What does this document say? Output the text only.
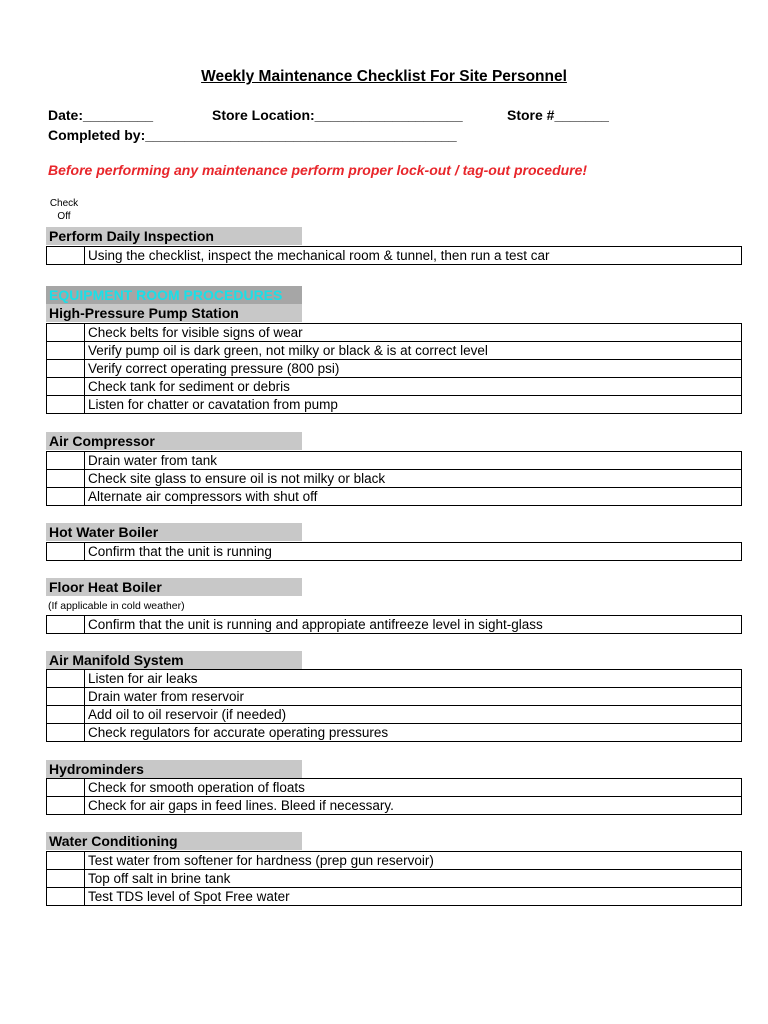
Weekly Maintenance Checklist For Site Personnel
Date:_________	Store Location:___________________	Store #_______
Completed by:________________________________________
Before performing any maintenance perform proper lock-out / tag-out procedure!
Check
Off
Perform Daily Inspection
	Using the checklist, inspect the mechanical room & tunnel, then run a test car
EQUIPMENT ROOM PROCEDURES
High-Pressure Pump Station
	Check belts for visible signs of wear
	Verify pump oil is dark green, not milky or black & is at correct level
	Verify correct operating pressure (800 psi)
	Check tank for sediment or debris
	Listen for chatter or cavatation from pump
Air Compressor
	Drain water from tank
	Check site glass to ensure oil is not milky or black
	Alternate air compressors with shut off
Hot Water Boiler
	Confirm that the unit is running
Floor Heat Boiler
(If applicable in cold weather)
	Confirm that the unit is running and appropiate antifreeze level in sight-glass
Air Manifold System
	Listen for air leaks
	Drain water from reservoir
	Add oil to oil reservoir (if needed)
	Check regulators for accurate operating pressures
Hydrominders
	Check for smooth operation of floats
	Check for air gaps in feed lines. Bleed if necessary.
Water Conditioning
	Test water from softener for hardness (prep gun reservoir)
	Top off salt in brine tank
	Test TDS level of Spot Free water
